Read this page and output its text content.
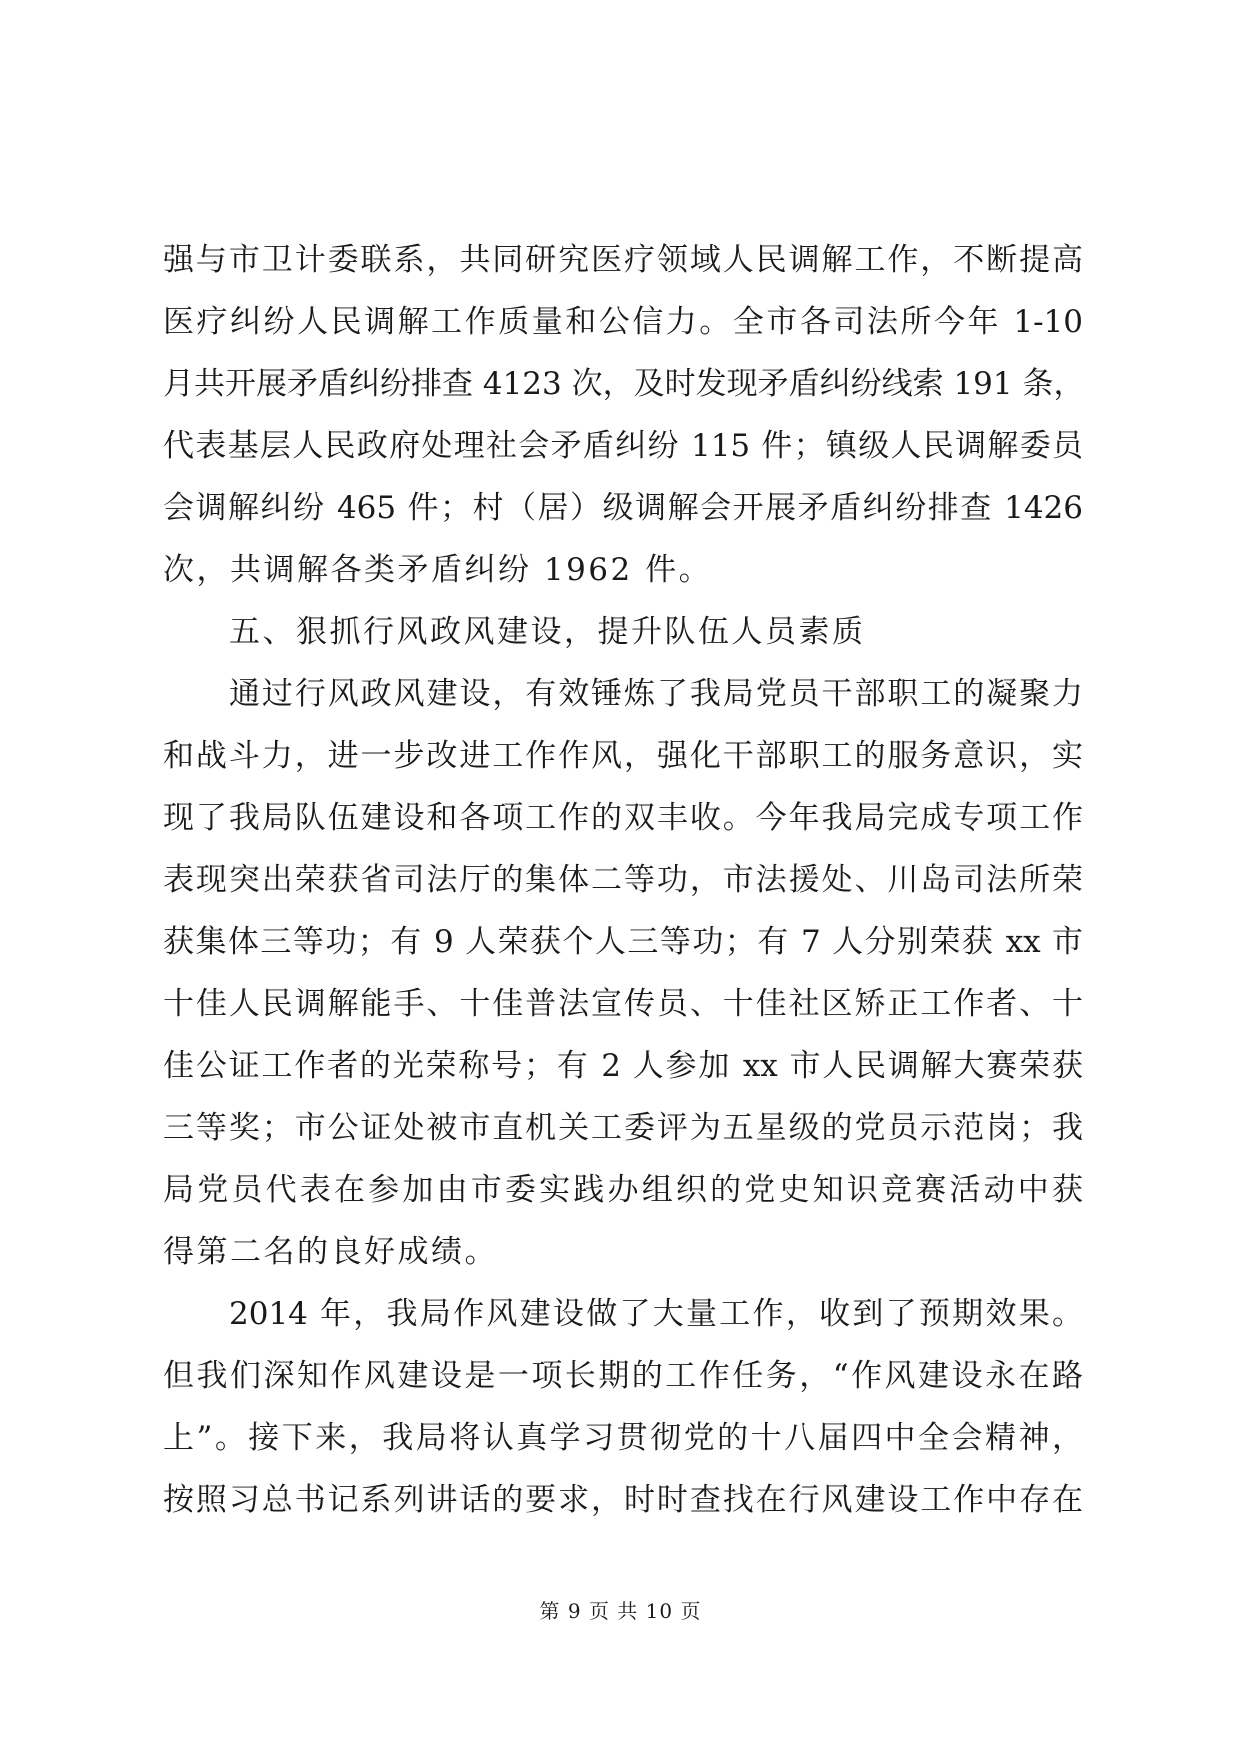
强与市卫计委联系，共同研究医疗领域人民调解工作，不断提高
医疗纠纷人民调解工作质量和公信力。全市各司法所今年 1-10
月共开展矛盾纠纷排查 4123 次，及时发现矛盾纠纷线索 191 条，
代表基层人民政府处理社会矛盾纠纷 115 件；镇级人民调解委员
会调解纠纷 465 件；村（居）级调解会开展矛盾纠纷排查 1426
次，共调解各类矛盾纠纷 1962 件。
五、狠抓行风政风建设，提升队伍人员素质
通过行风政风建设，有效锤炼了我局党员干部职工的凝聚力
和战斗力，进一步改进工作作风，强化干部职工的服务意识，实
现了我局队伍建设和各项工作的双丰收。今年我局完成专项工作
表现突出荣获省司法厅的集体二等功，市法援处、川岛司法所荣
获集体三等功；有 9 人荣获个人三等功；有 7 人分别荣获 xx 市
十佳人民调解能手、十佳普法宣传员、十佳社区矫正工作者、十
佳公证工作者的光荣称号；有 2 人参加 xx 市人民调解大赛荣获
三等奖；市公证处被市直机关工委评为五星级的党员示范岗；我
局党员代表在参加由市委实践办组织的党史知识竞赛活动中获
得第二名的良好成绩。
2014 年，我局作风建设做了大量工作，收到了预期效果。
但我们深知作风建设是一项长期的工作任务，“作风建设永在路
上”。接下来，我局将认真学习贯彻党的十八届四中全会精神，
按照习总书记系列讲话的要求，时时查找在行风建设工作中存在
第 9 页 共 10 页
